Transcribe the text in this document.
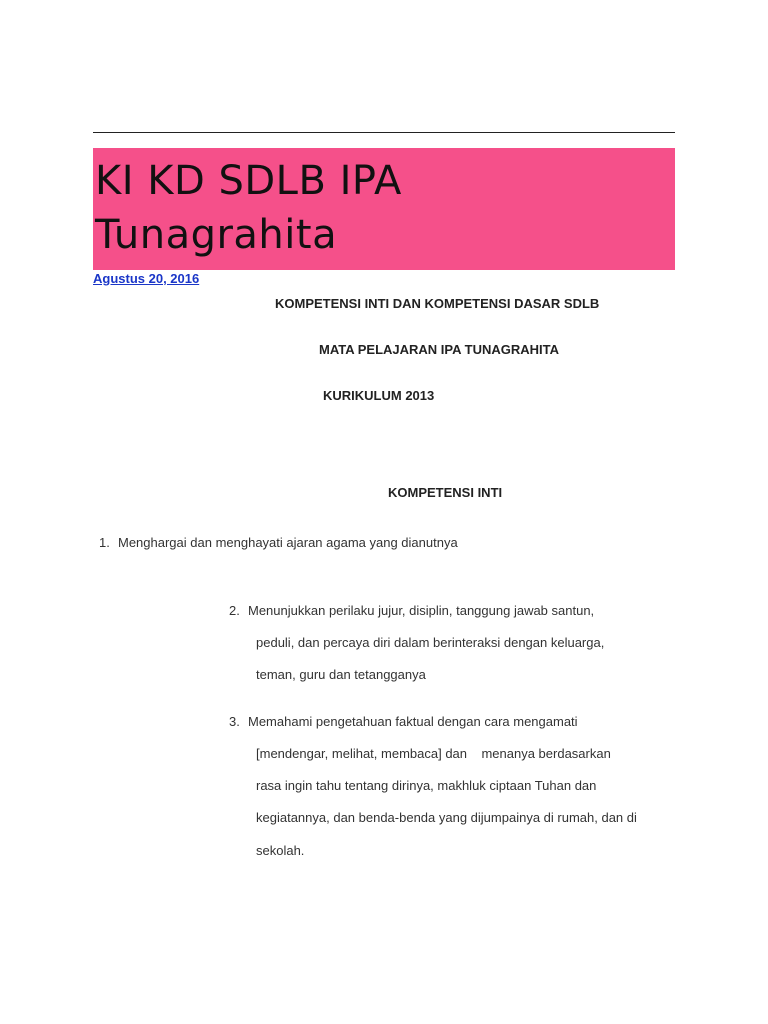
KI KD SDLB IPA Tunagrahita
Agustus 20, 2016
KOMPETENSI INTI DAN KOMPETENSI DASAR SDLB
MATA PELAJARAN IPA TUNAGRAHITA
KURIKULUM 2013
KOMPETENSI INTI
1. Menghargai dan menghayati ajaran agama yang dianutnya
2. Menunjukkan perilaku jujur, disiplin, tanggung jawab santun,
peduli, dan percaya diri dalam berinteraksi dengan keluarga,
teman, guru dan tetangganya
3. Memahami pengetahuan faktual dengan cara mengamati
[mendengar, melihat, membaca] dan    menanya berdasarkan
rasa ingin tahu tentang dirinya, makhluk ciptaan Tuhan dan
kegiatannya, dan benda-benda yang dijumpainya di rumah, dan di
sekolah.
